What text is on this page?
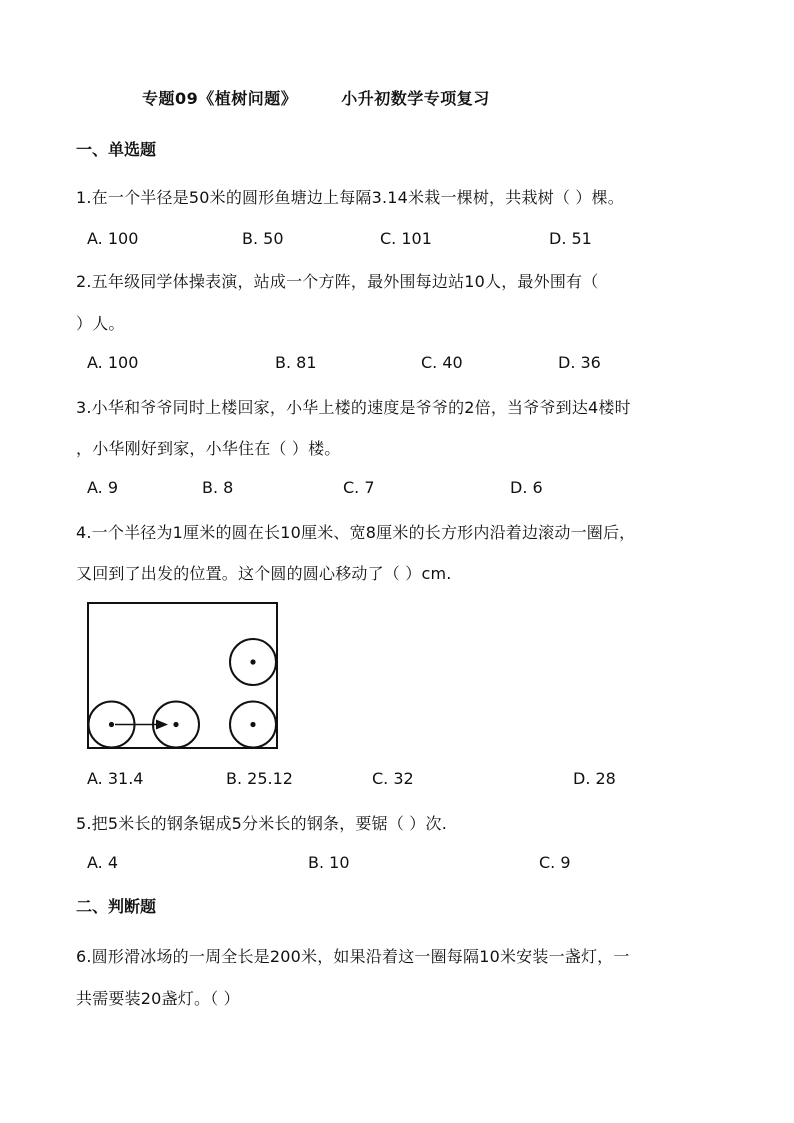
专题09《植树问题》	小升初数学专项复习
一、单选题
1.在一个半径是50米的圆形鱼塘边上每隔3.14米栽一棵树，共栽树（ ）棵。
A. 100	B. 50	C. 101	D. 51
2.五年级同学体操表演，站成一个方阵，最外围每边站10人，最外围有（
）人。
A. 100	B. 81	C. 40	D. 36
3.小华和爷爷同时上楼回家，小华上楼的速度是爷爷的2倍，当爷爷到达4楼时
，小华刚好到家，小华住在（ ）楼。
A. 9	B. 8	C. 7	D. 6
4.一个半径为1厘米的圆在长10厘米、宽8厘米的长方形内沿着边滚动一圈后，
又回到了出发的位置。这个圆的圆心移动了（ ）cm.
A. 31.4	B. 25.12	C. 32	D. 28
5.把5米长的钢条锯成5分米长的钢条，要锯（ ）次.
A. 4	B. 10	C. 9
二、判断题
6.圆形滑冰场的一周全长是200米，如果沿着这一圈每隔10米安装一盏灯，一
共需要装20盏灯。（ ）
